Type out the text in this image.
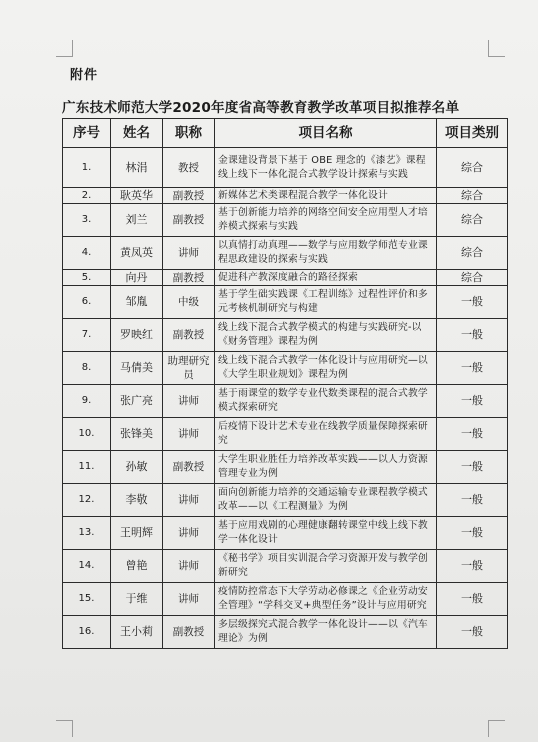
附件
广东技术师范大学2020年度省高等教育教学改革项目拟推荐名单
序号	姓名	职称	项目名称	项目类别
1.	林涓	教授	金课建设背景下基于 OBE 理念的《漆艺》课程线上线下一体化混合式教学设计探索与实践	综合
2.	耿英华	副教授	新媒体艺术类课程混合教学一体化设计	综合
3.	刘兰	副教授	基于创新能力培养的网络空间安全应用型人才培养模式探索与实践	综合
4.	黄凤英	讲师	以真情打动真理——数学与应用数学师范专业课程思政建设的探索与实践	综合
5.	向丹	副教授	促进科产教深度融合的路径探索	综合
6.	邹胤	中级	基于学生础实践课《工程训练》过程性评价和多元考核机制研究与构建	一般
7.	罗映红	副教授	线上线下混合式教学模式的构建与实践研究-以《财务管理》课程为例	一般
8.	马倩美	助理研究员	线上线下混合式教学一体化设计与应用研究—以《大学生职业规划》课程为例	一般
9.	张广亮	讲师	基于雨课堂的数学专业代数类课程的混合式教学模式探索研究	一般
10.	张锋美	讲师	后疫情下设计艺术专业在线教学质量保障探索研究	一般
11.	孙敏	副教授	大学生职业胜任力培养改革实践——以人力资源管理专业为例	一般
12.	李敬	讲师	面向创新能力培养的交通运输专业课程教学模式改革——以《工程测量》为例	一般
13.	王明辉	讲师	基于应用戏剧的心理健康翻转课堂中线上线下教学一体化设计	一般
14.	曾艳	讲师	《秘书学》项目实训混合学习资源开发与教学创新研究	一般
15.	于维	讲师	疫情防控常态下大学劳动必修课之《企业劳动安全管理》“学科交叉+典型任务”设计与应用研究	一般
16.	王小莉	副教授	多层级探究式混合教学一体化设计——以《汽车理论》为例	一般
